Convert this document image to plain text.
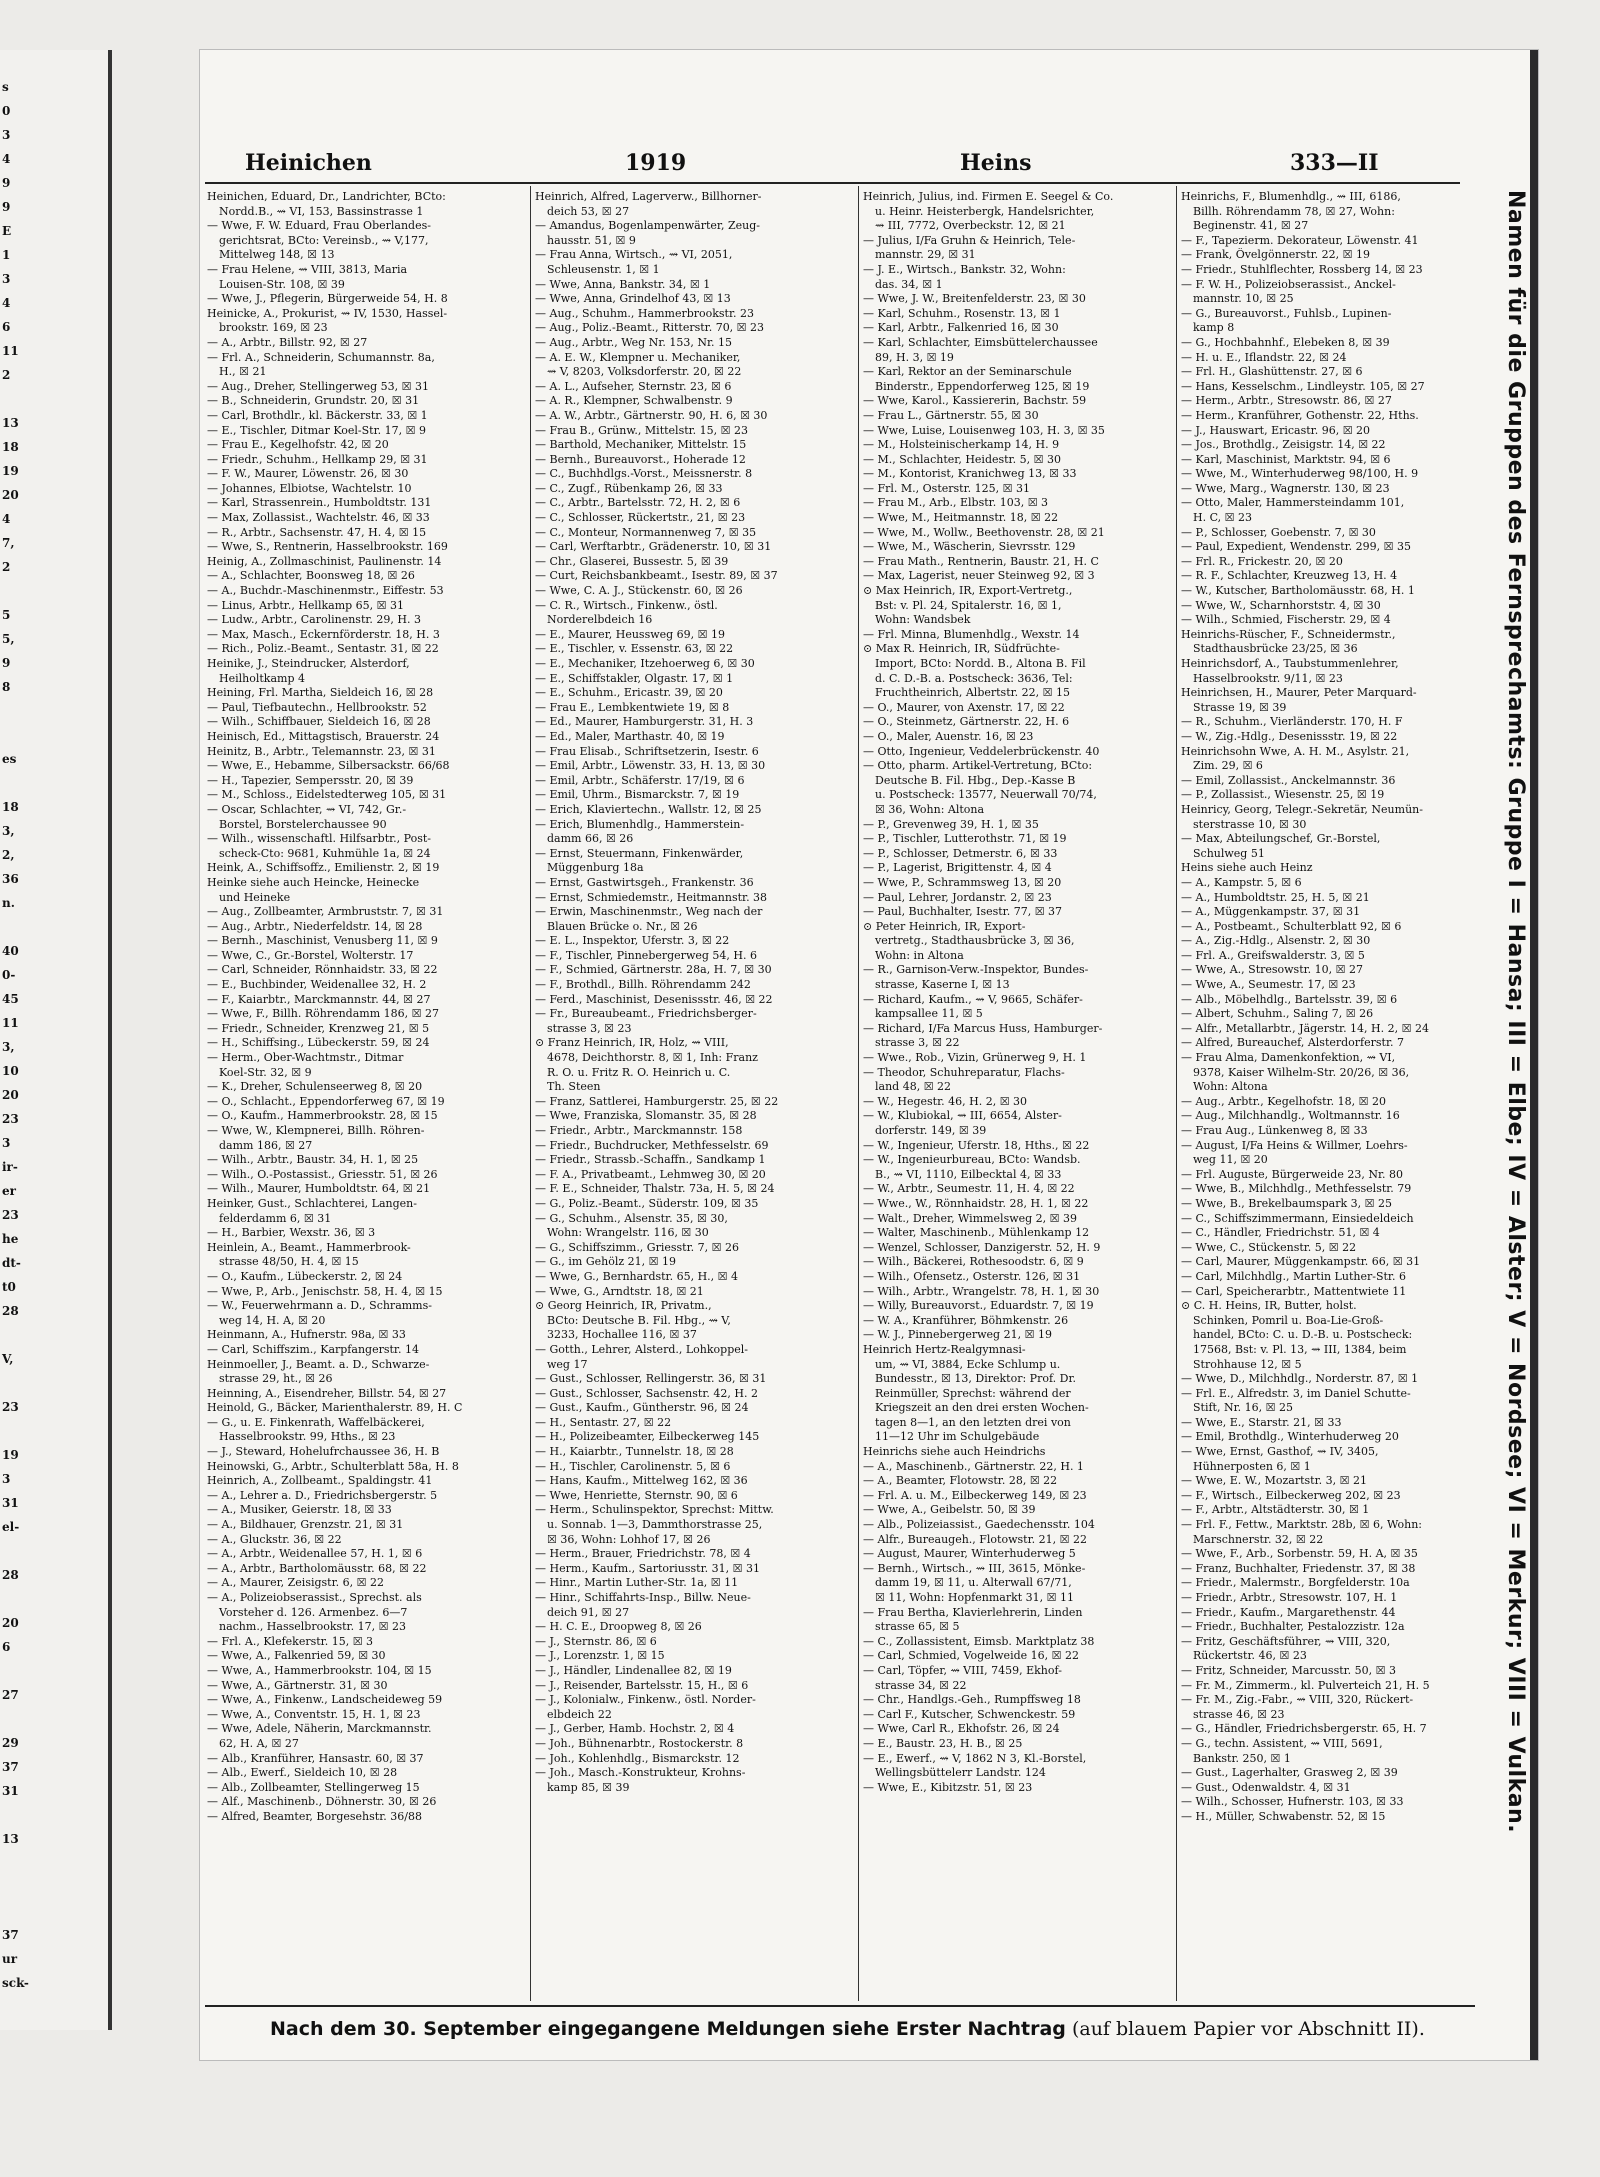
s
0
3
4
9
9
E
1
3
4
6
11
2
13
18
19
20
4
7,
2
5
5,
9
8
es
18
3,
2,
36
n.
40
0-
45
11
3,
10
20
23
3
ir-
er
23
he
dt-
t0
28
V,
23
19
3
31
el-
28
20
6
27
29
37
31
13
37
ur
sck-
Heinichen	1919	Heins	333—II
Heinichen, Eduard, Dr., Landrichter, BCto:
Nordd.B., ⇝ VI, 153, Bassinstrasse 1
— Wwe, F. W. Eduard, Frau Oberlandes-
gerichtsrat, BCto: Vereinsb., ⇝ V,177,
Mittelweg 148, ☒ 13
— Frau Helene, ⇝ VIII, 3813, Maria
Louisen-Str. 108, ☒ 39
— Wwe, J., Pflegerin, Bürgerweide 54, H. 8
Heinicke, A., Prokurist, ⇝ IV, 1530, Hassel-
brookstr. 169, ☒ 23
— A., Arbtr., Billstr. 92, ☒ 27
— Frl. A., Schneiderin, Schumannstr. 8a,
H., ☒ 21
— Aug., Dreher, Stellingerweg 53, ☒ 31
— B., Schneiderin, Grundstr. 20, ☒ 31
— Carl, Brothdlr., kl. Bäckerstr. 33, ☒ 1
— E., Tischler, Ditmar Koel-Str. 17, ☒ 9
— Frau E., Kegelhofstr. 42, ☒ 20
— Friedr., Schuhm., Hellkamp 29, ☒ 31
— F. W., Maurer, Löwenstr. 26, ☒ 30
— Johannes, Elbiotse, Wachtelstr. 10
— Karl, Strassenrein., Humboldtstr. 131
— Max, Zollassist., Wachtelstr. 46, ☒ 33
— R., Arbtr., Sachsenstr. 47, H. 4, ☒ 15
— Wwe, S., Rentnerin, Hasselbrookstr. 169
Heinig, A., Zollmaschinist, Paulinenstr. 14
— A., Schlachter, Boonsweg 18, ☒ 26
— A., Buchdr.-Maschinenmstr., Eiffestr. 53
— Linus, Arbtr., Hellkamp 65, ☒ 31
— Ludw., Arbtr., Carolinenstr. 29, H. 3
— Max, Masch., Eckernförderstr. 18, H. 3
— Rich., Poliz.-Beamt., Sentastr. 31, ☒ 22
Heinike, J., Steindrucker, Alsterdorf,
Heilholtkamp 4
Heining, Frl. Martha, Sieldeich 16, ☒ 28
— Paul, Tiefbautechn., Hellbrookstr. 52
— Wilh., Schiffbauer, Sieldeich 16, ☒ 28
Heinisch, Ed., Mittagstisch, Brauerstr. 24
Heinitz, B., Arbtr., Telemannstr. 23, ☒ 31
— Wwe, E., Hebamme, Silbersackstr. 66/68
— H., Tapezier, Sempersstr. 20, ☒ 39
— M., Schloss., Eidelstedterweg 105, ☒ 31
— Oscar, Schlachter, ⇝ VI, 742, Gr.-
Borstel, Borstelerchaussee 90
— Wilh., wissenschaftl. Hilfsarbtr., Post-
scheck-Cto: 9681, Kuhmühle 1a, ☒ 24
Heink, A., Schiffsoffz., Emilienstr. 2, ☒ 19
Heinke siehe auch Heincke, Heinecke
und Heineke
— Aug., Zollbeamter, Armbruststr. 7, ☒ 31
— Aug., Arbtr., Niederfeldstr. 14, ☒ 28
— Bernh., Maschinist, Venusberg 11, ☒ 9
— Wwe, C., Gr.-Borstel, Wolterstr. 17
— Carl, Schneider, Rönnhaidstr. 33, ☒ 22
— E., Buchbinder, Weidenallee 32, H. 2
— F., Kaiarbtr., Marckmannstr. 44, ☒ 27
— Wwe, F., Billh. Röhrendamm 186, ☒ 27
— Friedr., Schneider, Krenzweg 21, ☒ 5
— H., Schiffsing., Lübeckerstr. 59, ☒ 24
— Herm., Ober-Wachtmstr., Ditmar
Koel-Str. 32, ☒ 9
— K., Dreher, Schulenseerweg 8, ☒ 20
— O., Schlacht., Eppendorferweg 67, ☒ 19
— O., Kaufm., Hammerbrookstr. 28, ☒ 15
— Wwe, W., Klempnerei, Billh. Röhren-
damm 186, ☒ 27
— Wilh., Arbtr., Baustr. 34, H. 1, ☒ 25
— Wilh., O.-Postassist., Griesstr. 51, ☒ 26
— Wilh., Maurer, Humboldtstr. 64, ☒ 21
Heinker, Gust., Schlachterei, Langen-
felderdamm 6, ☒ 31
— H., Barbier, Wexstr. 36, ☒ 3
Heinlein, A., Beamt., Hammerbrook-
strasse 48/50, H. 4, ☒ 15
— O., Kaufm., Lübeckerstr. 2, ☒ 24
— Wwe, P., Arb., Jenischstr. 58, H. 4, ☒ 15
— W., Feuerwehrmann a. D., Schramms-
weg 14, H. A, ☒ 20
Heinmann, A., Hufnerstr. 98a, ☒ 33
— Carl, Schiffszim., Karpfangerstr. 14
Heinmoeller, J., Beamt. a. D., Schwarze-
strasse 29, ht., ☒ 26
Heinning, A., Eisendreher, Billstr. 54, ☒ 27
Heinold, G., Bäcker, Marienthalerstr. 89, H. C
— G., u. E. Finkenrath, Waffelbäckerei,
Hasselbrookstr. 99, Hths., ☒ 23
— J., Steward, Hohelufrchaussee 36, H. B
Heinowski, G., Arbtr., Schulterblatt 58a, H. 8
Heinrich, A., Zollbeamt., Spaldingstr. 41
— A., Lehrer a. D., Friedrichsbergerstr. 5
— A., Musiker, Geierstr. 18, ☒ 33
— A., Bildhauer, Grenzstr. 21, ☒ 31
— A., Gluckstr. 36, ☒ 22
— A., Arbtr., Weidenallee 57, H. 1, ☒ 6
— A., Arbtr., Bartholomäusstr. 68, ☒ 22
— A., Maurer, Zeisigstr. 6, ☒ 22
— A., Polizeiobserassist., Sprechst. als
Vorsteher d. 126. Armenbez. 6—7
nachm., Hasselbrookstr. 17, ☒ 23
— Frl. A., Klefekerstr. 15, ☒ 3
— Wwe, A., Falkenried 59, ☒ 30
— Wwe, A., Hammerbrookstr. 104, ☒ 15
— Wwe, A., Gärtnerstr. 31, ☒ 30
— Wwe, A., Finkenw., Landscheideweg 59
— Wwe, A., Conventstr. 15, H. 1, ☒ 23
— Wwe, Adele, Näherin, Marckmannstr.
62, H. A, ☒ 27
— Alb., Kranführer, Hansastr. 60, ☒ 37
— Alb., Ewerf., Sieldeich 10, ☒ 28
— Alb., Zollbeamter, Stellingerweg 15
— Alf., Maschinenb., Döhnerstr. 30, ☒ 26
— Alfred, Beamter, Borgesehstr. 36/88
Heinrich, Alfred, Lagerverw., Billhorner-
deich 53, ☒ 27
— Amandus, Bogenlampenwärter, Zeug-
hausstr. 51, ☒ 9
— Frau Anna, Wirtsch., ⇝ VI, 2051,
Schleusenstr. 1, ☒ 1
— Wwe, Anna, Bankstr. 34, ☒ 1
— Wwe, Anna, Grindelhof 43, ☒ 13
— Aug., Schuhm., Hammerbrookstr. 23
— Aug., Poliz.-Beamt., Ritterstr. 70, ☒ 23
— Aug., Arbtr., Weg Nr. 153, Nr. 15
— A. E. W., Klempner u. Mechaniker,
⇝ V, 8203, Volksdorferstr. 20, ☒ 22
— A. L., Aufseher, Sternstr. 23, ☒ 6
— A. R., Klempner, Schwalbenstr. 9
— A. W., Arbtr., Gärtnerstr. 90, H. 6, ☒ 30
— Frau B., Grünw., Mittelstr. 15, ☒ 23
— Barthold, Mechaniker, Mittelstr. 15
— Bernh., Bureauvorst., Hoherade 12
— C., Buchhdlgs.-Vorst., Meissnerstr. 8
— C., Zugf., Rübenkamp 26, ☒ 33
— C., Arbtr., Bartelsstr. 72, H. 2, ☒ 6
— C., Schlosser, Rückertstr., 21, ☒ 23
— C., Monteur, Normannenweg 7, ☒ 35
— Carl, Werftarbtr., Grädenerstr. 10, ☒ 31
— Chr., Glaserei, Bussestr. 5, ☒ 39
— Curt, Reichsbankbeamt., Isestr. 89, ☒ 37
— Wwe, C. A. J., Stückenstr. 60, ☒ 26
— C. R., Wirtsch., Finkenw., östl.
Norderelbdeich 16
— E., Maurer, Heussweg 69, ☒ 19
— E., Tischler, v. Essenstr. 63, ☒ 22
— E., Mechaniker, Itzehoerweg 6, ☒ 30
— E., Schiffstakler, Olgastr. 17, ☒ 1
— E., Schuhm., Ericastr. 39, ☒ 20
— Frau E., Lembkentwiete 19, ☒ 8
— Ed., Maurer, Hamburgerstr. 31, H. 3
— Ed., Maler, Marthastr. 40, ☒ 19
— Frau Elisab., Schriftsetzerin, Isestr. 6
— Emil, Arbtr., Löwenstr. 33, H. 13, ☒ 30
— Emil, Arbtr., Schäferstr. 17/19, ☒ 6
— Emil, Uhrm., Bismarckstr. 7, ☒ 19
— Erich, Klaviertechn., Wallstr. 12, ☒ 25
— Erich, Blumenhdlg., Hammerstein-
damm 66, ☒ 26
— Ernst, Steuermann, Finkenwärder,
Müggenburg 18a
— Ernst, Gastwirtsgeh., Frankenstr. 36
— Ernst, Schmiedemstr., Heitmannstr. 38
— Erwin, Maschinenmstr., Weg nach der
Blauen Brücke o. Nr., ☒ 26
— E. L., Inspektor, Uferstr. 3, ☒ 22
— F., Tischler, Pinnebergerweg 54, H. 6
— F., Schmied, Gärtnerstr. 28a, H. 7, ☒ 30
— F., Brothdl., Billh. Röhrendamm 242
— Ferd., Maschinist, Desenissstr. 46, ☒ 22
— Fr., Bureaubeamt., Friedrichsberger-
strasse 3, ☒ 23
⊙ Franz Heinrich, IR, Holz, ⇝ VIII,
4678, Deichthorstr. 8, ☒ 1, Inh: Franz
R. O. u. Fritz R. O. Heinrich u. C.
Th. Steen
— Franz, Sattlerei, Hamburgerstr. 25, ☒ 22
— Wwe, Franziska, Slomanstr. 35, ☒ 28
— Friedr., Arbtr., Marckmannstr. 158
— Friedr., Buchdrucker, Methfesselstr. 69
— Friedr., Strassb.-Schaffn., Sandkamp 1
— F. A., Privatbeamt., Lehmweg 30, ☒ 20
— F. E., Schneider, Thalstr. 73a, H. 5, ☒ 24
— G., Poliz.-Beamt., Süderstr. 109, ☒ 35
— G., Schuhm., Alsenstr. 35, ☒ 30,
Wohn: Wrangelstr. 116, ☒ 30
— G., Schiffszimm., Griesstr. 7, ☒ 26
— G., im Gehölz 21, ☒ 19
— Wwe, G., Bernhardstr. 65, H., ☒ 4
— Wwe, G., Arndtstr. 18, ☒ 21
⊙ Georg Heinrich, IR, Privatm.,
BCto: Deutsche B. Fil. Hbg., ⇝ V,
3233, Hochallee 116, ☒ 37
— Gotth., Lehrer, Alsterd., Lohkoppel-
weg 17
— Gust., Schlosser, Rellingerstr. 36, ☒ 31
— Gust., Schlosser, Sachsenstr. 42, H. 2
— Gust., Kaufm., Güntherstr. 96, ☒ 24
— H., Sentastr. 27, ☒ 22
— H., Polizeibeamter, Eilbeckerweg 145
— H., Kaiarbtr., Tunnelstr. 18, ☒ 28
— H., Tischler, Carolinenstr. 5, ☒ 6
— Hans, Kaufm., Mittelweg 162, ☒ 36
— Wwe, Henriette, Sternstr. 90, ☒ 6
— Herm., Schulinspektor, Sprechst: Mittw.
u. Sonnab. 1—3, Dammthorstrasse 25,
☒ 36, Wohn: Lohhof 17, ☒ 26
— Herm., Brauer, Friedrichstr. 78, ☒ 4
— Herm., Kaufm., Sartoriusstr. 31, ☒ 31
— Hinr., Martin Luther-Str. 1a, ☒ 11
— Hinr., Schiffahrts-Insp., Billw. Neue-
deich 91, ☒ 27
— H. C. E., Droopweg 8, ☒ 26
— J., Sternstr. 86, ☒ 6
— J., Lorenzstr. 1, ☒ 15
— J., Händler, Lindenallee 82, ☒ 19
— J., Reisender, Bartelsstr. 15, H., ☒ 6
— J., Kolonialw., Finkenw., östl. Norder-
elbdeich 22
— J., Gerber, Hamb. Hochstr. 2, ☒ 4
— Joh., Bühnenarbtr., Rostockerstr. 8
— Joh., Kohlenhdlg., Bismarckstr. 12
— Joh., Masch.-Konstrukteur, Krohns-
kamp 85, ☒ 39
Heinrich, Julius, ind. Firmen E. Seegel & Co.
u. Heinr. Heisterbergk, Handelsrichter,
⇝ III, 7772, Overbeckstr. 12, ☒ 21
— Julius, I/Fa Gruhn & Heinrich, Tele-
mannstr. 29, ☒ 31
— J. E., Wirtsch., Bankstr. 32, Wohn:
das. 34, ☒ 1
— Wwe, J. W., Breitenfelderstr. 23, ☒ 30
— Karl, Schuhm., Rosenstr. 13, ☒ 1
— Karl, Arbtr., Falkenried 16, ☒ 30
— Karl, Schlachter, Eimsbüttelerchaussee
89, H. 3, ☒ 19
— Karl, Rektor an der Seminarschule
Binderstr., Eppendorferweg 125, ☒ 19
— Wwe, Karol., Kassiererin, Bachstr. 59
— Frau L., Gärtnerstr. 55, ☒ 30
— Wwe, Luise, Louisenweg 103, H. 3, ☒ 35
— M., Holsteinischerkamp 14, H. 9
— M., Schlachter, Heidestr. 5, ☒ 30
— M., Kontorist, Kranichweg 13, ☒ 33
— Frl. M., Osterstr. 125, ☒ 31
— Frau M., Arb., Elbstr. 103, ☒ 3
— Wwe, M., Heitmannstr. 18, ☒ 22
— Wwe, M., Wollw., Beethovenstr. 28, ☒ 21
— Wwe, M., Wäscherin, Sievrsstr. 129
— Frau Math., Rentnerin, Baustr. 21, H. C
— Max, Lagerist, neuer Steinweg 92, ☒ 3
⊙ Max Heinrich, IR, Export-Vertretg.,
Bst: v. Pl. 24, Spitalerstr. 16, ☒ 1,
Wohn: Wandsbek
— Frl. Minna, Blumenhdlg., Wexstr. 14
⊙ Max R. Heinrich, IR, Südfrüchte-
Import, BCto: Nordd. B., Altona B. Fil
d. C. D.-B. a. Postscheck: 3636, Tel:
Fruchtheinrich, Albertstr. 22, ☒ 15
— O., Maurer, von Axenstr. 17, ☒ 22
— O., Steinmetz, Gärtnerstr. 22, H. 6
— O., Maler, Auenstr. 16, ☒ 23
— Otto, Ingenieur, Veddelerbrückenstr. 40
— Otto, pharm. Artikel-Vertretung, BCto:
Deutsche B. Fil. Hbg., Dep.-Kasse B
u. Postscheck: 13577, Neuerwall 70/74,
☒ 36, Wohn: Altona
— P., Grevenweg 39, H. 1, ☒ 35
— P., Tischler, Lutterothstr. 71, ☒ 19
— P., Schlosser, Detmerstr. 6, ☒ 33
— P., Lagerist, Brigittenstr. 4, ☒ 4
— Wwe, P., Schrammsweg 13, ☒ 20
— Paul, Lehrer, Jordanstr. 2, ☒ 23
— Paul, Buchhalter, Isestr. 77, ☒ 37
⊙ Peter Heinrich, IR, Export-
vertretg., Stadthausbrücke 3, ☒ 36,
Wohn: in Altona
— R., Garnison-Verw.-Inspektor, Bundes-
strasse, Kaserne I, ☒ 13
— Richard, Kaufm., ⇝ V, 9665, Schäfer-
kampsallee 11, ☒ 5
— Richard, I/Fa Marcus Huss, Hamburger-
strasse 3, ☒ 22
— Wwe., Rob., Vizin, Grünerweg 9, H. 1
— Theodor, Schuhreparatur, Flachs-
land 48, ☒ 22
— W., Hegestr. 46, H. 2, ☒ 30
— W., Klubiokal, ⇝ III, 6654, Alster-
dorferstr. 149, ☒ 39
— W., Ingenieur, Uferstr. 18, Hths., ☒ 22
— W., Ingenieurbureau, BCto: Wandsb.
B., ⇝ VI, 1110, Eilbecktal 4, ☒ 33
— W., Arbtr., Seumestr. 11, H. 4, ☒ 22
— Wwe., W., Rönnhaidstr. 28, H. 1, ☒ 22
— Walt., Dreher, Wimmelsweg 2, ☒ 39
— Walter, Maschinenb., Mühlenkamp 12
— Wenzel, Schlosser, Danzigerstr. 52, H. 9
— Wilh., Bäckerei, Rothesoodstr. 6, ☒ 9
— Wilh., Ofensetz., Osterstr. 126, ☒ 31
— Wilh., Arbtr., Wrangelstr. 78, H. 1, ☒ 30
— Willy, Bureauvorst., Eduardstr. 7, ☒ 19
— W. A., Kranführer, Böhmkenstr. 26
— W. J., Pinnebergerweg 21, ☒ 19
Heinrich Hertz-Realgymnasi-
um, ⇝ VI, 3884, Ecke Schlump u.
Bundesstr., ☒ 13, Direktor: Prof. Dr.
Reinmüller, Sprechst: während der
Kriegszeit an den drei ersten Wochen-
tagen 8—1, an den letzten drei von
11—12 Uhr im Schulgebäude
Heinrichs siehe auch Heindrichs
— A., Maschinenb., Gärtnerstr. 22, H. 1
— A., Beamter, Flotowstr. 28, ☒ 22
— Frl. A. u. M., Eilbeckerweg 149, ☒ 23
— Wwe, A., Geibelstr. 50, ☒ 39
— Alb., Polizeiassist., Gaedechensstr. 104
— Alfr., Bureaugeh., Flotowstr. 21, ☒ 22
— August, Maurer, Winterhuderweg 5
— Bernh., Wirtsch., ⇝ III, 3615, Mönke-
damm 19, ☒ 11, u. Alterwall 67/71,
☒ 11, Wohn: Hopfenmarkt 31, ☒ 11
— Frau Bertha, Klavierlehrerin, Linden
strasse 65, ☒ 5
— C., Zollassistent, Eimsb. Marktplatz 38
— Carl, Schmied, Vogelweide 16, ☒ 22
— Carl, Töpfer, ⇝ VIII, 7459, Ekhof-
strasse 34, ☒ 22
— Chr., Handlgs.-Geh., Rumpffsweg 18
— Carl F., Kutscher, Schwenckestr. 59
— Wwe, Carl R., Ekhofstr. 26, ☒ 24
— E., Baustr. 23, H. B., ☒ 25
— E., Ewerf., ⇝ V, 1862 N 3, Kl.-Borstel,
Wellingsbüttelerr Landstr. 124
— Wwe, E., Kibitzstr. 51, ☒ 23
Heinrichs, F., Blumenhdlg., ⇝ III, 6186,
Billh. Röhrendamm 78, ☒ 27, Wohn:
Beginenstr. 41, ☒ 27
— F., Tapezierm. Dekorateur, Löwenstr. 41
— Frank, Övelgönnerstr. 22, ☒ 19
— Friedr., Stuhlflechter, Rossberg 14, ☒ 23
— F. W. H., Polizeiobserassist., Anckel-
mannstr. 10, ☒ 25
— G., Bureauvorst., Fuhlsb., Lupinen-
kamp 8
— G., Hochbahnhf., Elebeken 8, ☒ 39
— H. u. E., Iflandstr. 22, ☒ 24
— Frl. H., Glashüttenstr. 27, ☒ 6
— Hans, Kesselschm., Lindleystr. 105, ☒ 27
— Herm., Arbtr., Stresowstr. 86, ☒ 27
— Herm., Kranführer, Gothenstr. 22, Hths.
— J., Hauswart, Ericastr. 96, ☒ 20
— Jos., Brothdlg., Zeisigstr. 14, ☒ 22
— Karl, Maschinist, Marktstr. 94, ☒ 6
— Wwe, M., Winterhuderweg 98/100, H. 9
— Wwe, Marg., Wagnerstr. 130, ☒ 23
— Otto, Maler, Hammersteindamm 101,
H. C, ☒ 23
— P., Schlosser, Goebenstr. 7, ☒ 30
— Paul, Expedient, Wendenstr. 299, ☒ 35
— Frl. R., Frickestr. 20, ☒ 20
— R. F., Schlachter, Kreuzweg 13, H. 4
— W., Kutscher, Bartholomäusstr. 68, H. 1
— Wwe, W., Scharnhorststr. 4, ☒ 30
— Wilh., Schmied, Fischerstr. 29, ☒ 4
Heinrichs-Rüscher, F., Schneidermstr.,
Stadthausbrücke 23/25, ☒ 36
Heinrichsdorf, A., Taubstummenlehrer,
Hasselbrookstr. 9/11, ☒ 23
Heinrichsen, H., Maurer, Peter Marquard-
Strasse 19, ☒ 39
— R., Schuhm., Vierländerstr. 170, H. F
— W., Zig.-Hdlg., Desenissstr. 19, ☒ 22
Heinrichsohn Wwe, A. H. M., Asylstr. 21,
Zim. 29, ☒ 6
— Emil, Zollassist., Anckelmannstr. 36
— P., Zollassist., Wiesenstr. 25, ☒ 19
Heinricy, Georg, Telegr.-Sekretär, Neumün-
sterstrasse 10, ☒ 30
— Max, Abteilungschef, Gr.-Borstel,
Schulweg 51
Heins siehe auch Heinz
— A., Kampstr. 5, ☒ 6
— A., Humboldtstr. 25, H. 5, ☒ 21
— A., Müggenkampstr. 37, ☒ 31
— A., Postbeamt., Schulterblatt 92, ☒ 6
— A., Zig.-Hdlg., Alsenstr. 2, ☒ 30
— Frl. A., Greifswalderstr. 3, ☒ 5
— Wwe, A., Stresowstr. 10, ☒ 27
— Wwe, A., Seumestr. 17, ☒ 23
— Alb., Möbelhdlg., Bartelsstr. 39, ☒ 6
— Albert, Schuhm., Saling 7, ☒ 26
— Alfr., Metallarbtr., Jägerstr. 14, H. 2, ☒ 24
— Alfred, Bureauchef, Alsterdorferstr. 7
— Frau Alma, Damenkonfektion, ⇝ VI,
9378, Kaiser Wilhelm-Str. 20/26, ☒ 36,
Wohn: Altona
— Aug., Arbtr., Kegelhofstr. 18, ☒ 20
— Aug., Milchhandlg., Woltmannstr. 16
— Frau Aug., Lünkenweg 8, ☒ 33
— August, I/Fa Heins & Willmer, Loehrs-
weg 11, ☒ 20
— Frl. Auguste, Bürgerweide 23, Nr. 80
— Wwe, B., Milchhdlg., Methfesselstr. 79
— Wwe, B., Brekelbaumspark 3, ☒ 25
— C., Schiffszimmermann, Einsiedeldeich
— C., Händler, Friedrichstr. 51, ☒ 4
— Wwe, C., Stückenstr. 5, ☒ 22
— Carl, Maurer, Müggenkampstr. 66, ☒ 31
— Carl, Milchhdlg., Martin Luther-Str. 6
— Carl, Speicherarbtr., Mattentwiete 11
⊙ C. H. Heins, IR, Butter, holst.
Schinken, Pomril u. Boa-Lie-Groß-
handel, BCto: C. u. D.-B. u. Postscheck:
17568, Bst: v. Pl. 13, ⇝ III, 1384, beim
Strohhause 12, ☒ 5
— Wwe, D., Milchhdlg., Norderstr. 87, ☒ 1
— Frl. E., Alfredstr. 3, im Daniel Schutte-
Stift, Nr. 16, ☒ 25
— Wwe, E., Starstr. 21, ☒ 33
— Emil, Brothdlg., Winterhuderweg 20
— Wwe, Ernst, Gasthof, ⇝ IV, 3405,
Hühnerposten 6, ☒ 1
— Wwe, E. W., Mozartstr. 3, ☒ 21
— F., Wirtsch., Eilbeckerweg 202, ☒ 23
— F., Arbtr., Altstädterstr. 30, ☒ 1
— Frl. F., Fettw., Marktstr. 28b, ☒ 6, Wohn:
Marschnerstr. 32, ☒ 22
— Wwe, F., Arb., Sorbenstr. 59, H. A, ☒ 35
— Franz, Buchhalter, Friedenstr. 37, ☒ 38
— Friedr., Malermstr., Borgfelderstr. 10a
— Friedr., Arbtr., Stresowstr. 107, H. 1
— Friedr., Kaufm., Margarethenstr. 44
— Friedr., Buchhalter, Pestalozzistr. 12a
— Fritz, Geschäftsführer, ⇝ VIII, 320,
Rückertstr. 46, ☒ 23
— Fritz, Schneider, Marcusstr. 50, ☒ 3
— Fr. M., Zimmerm., kl. Pulverteich 21, H. 5
— Fr. M., Zig.-Fabr., ⇝ VIII, 320, Rückert-
strasse 46, ☒ 23
— G., Händler, Friedrichsbergerstr. 65, H. 7
— G., techn. Assistent, ⇝ VIII, 5691,
Bankstr. 250, ☒ 1
— Gust., Lagerhalter, Grasweg 2, ☒ 39
— Gust., Odenwaldstr. 4, ☒ 31
— Wilh., Schosser, Hufnerstr. 103, ☒ 33
— H., Müller, Schwabenstr. 52, ☒ 15	Namen für die Gruppen des Fernsprechamts: Gruppe I = Hansa; III = Elbe; IV = Alster; V = Nordsee; VI = Merkur; VIII = Vulkan.
Nach dem 30. September eingegangene Meldungen siehe Erster Nachtrag (auf blauem Papier vor Abschnitt II).
